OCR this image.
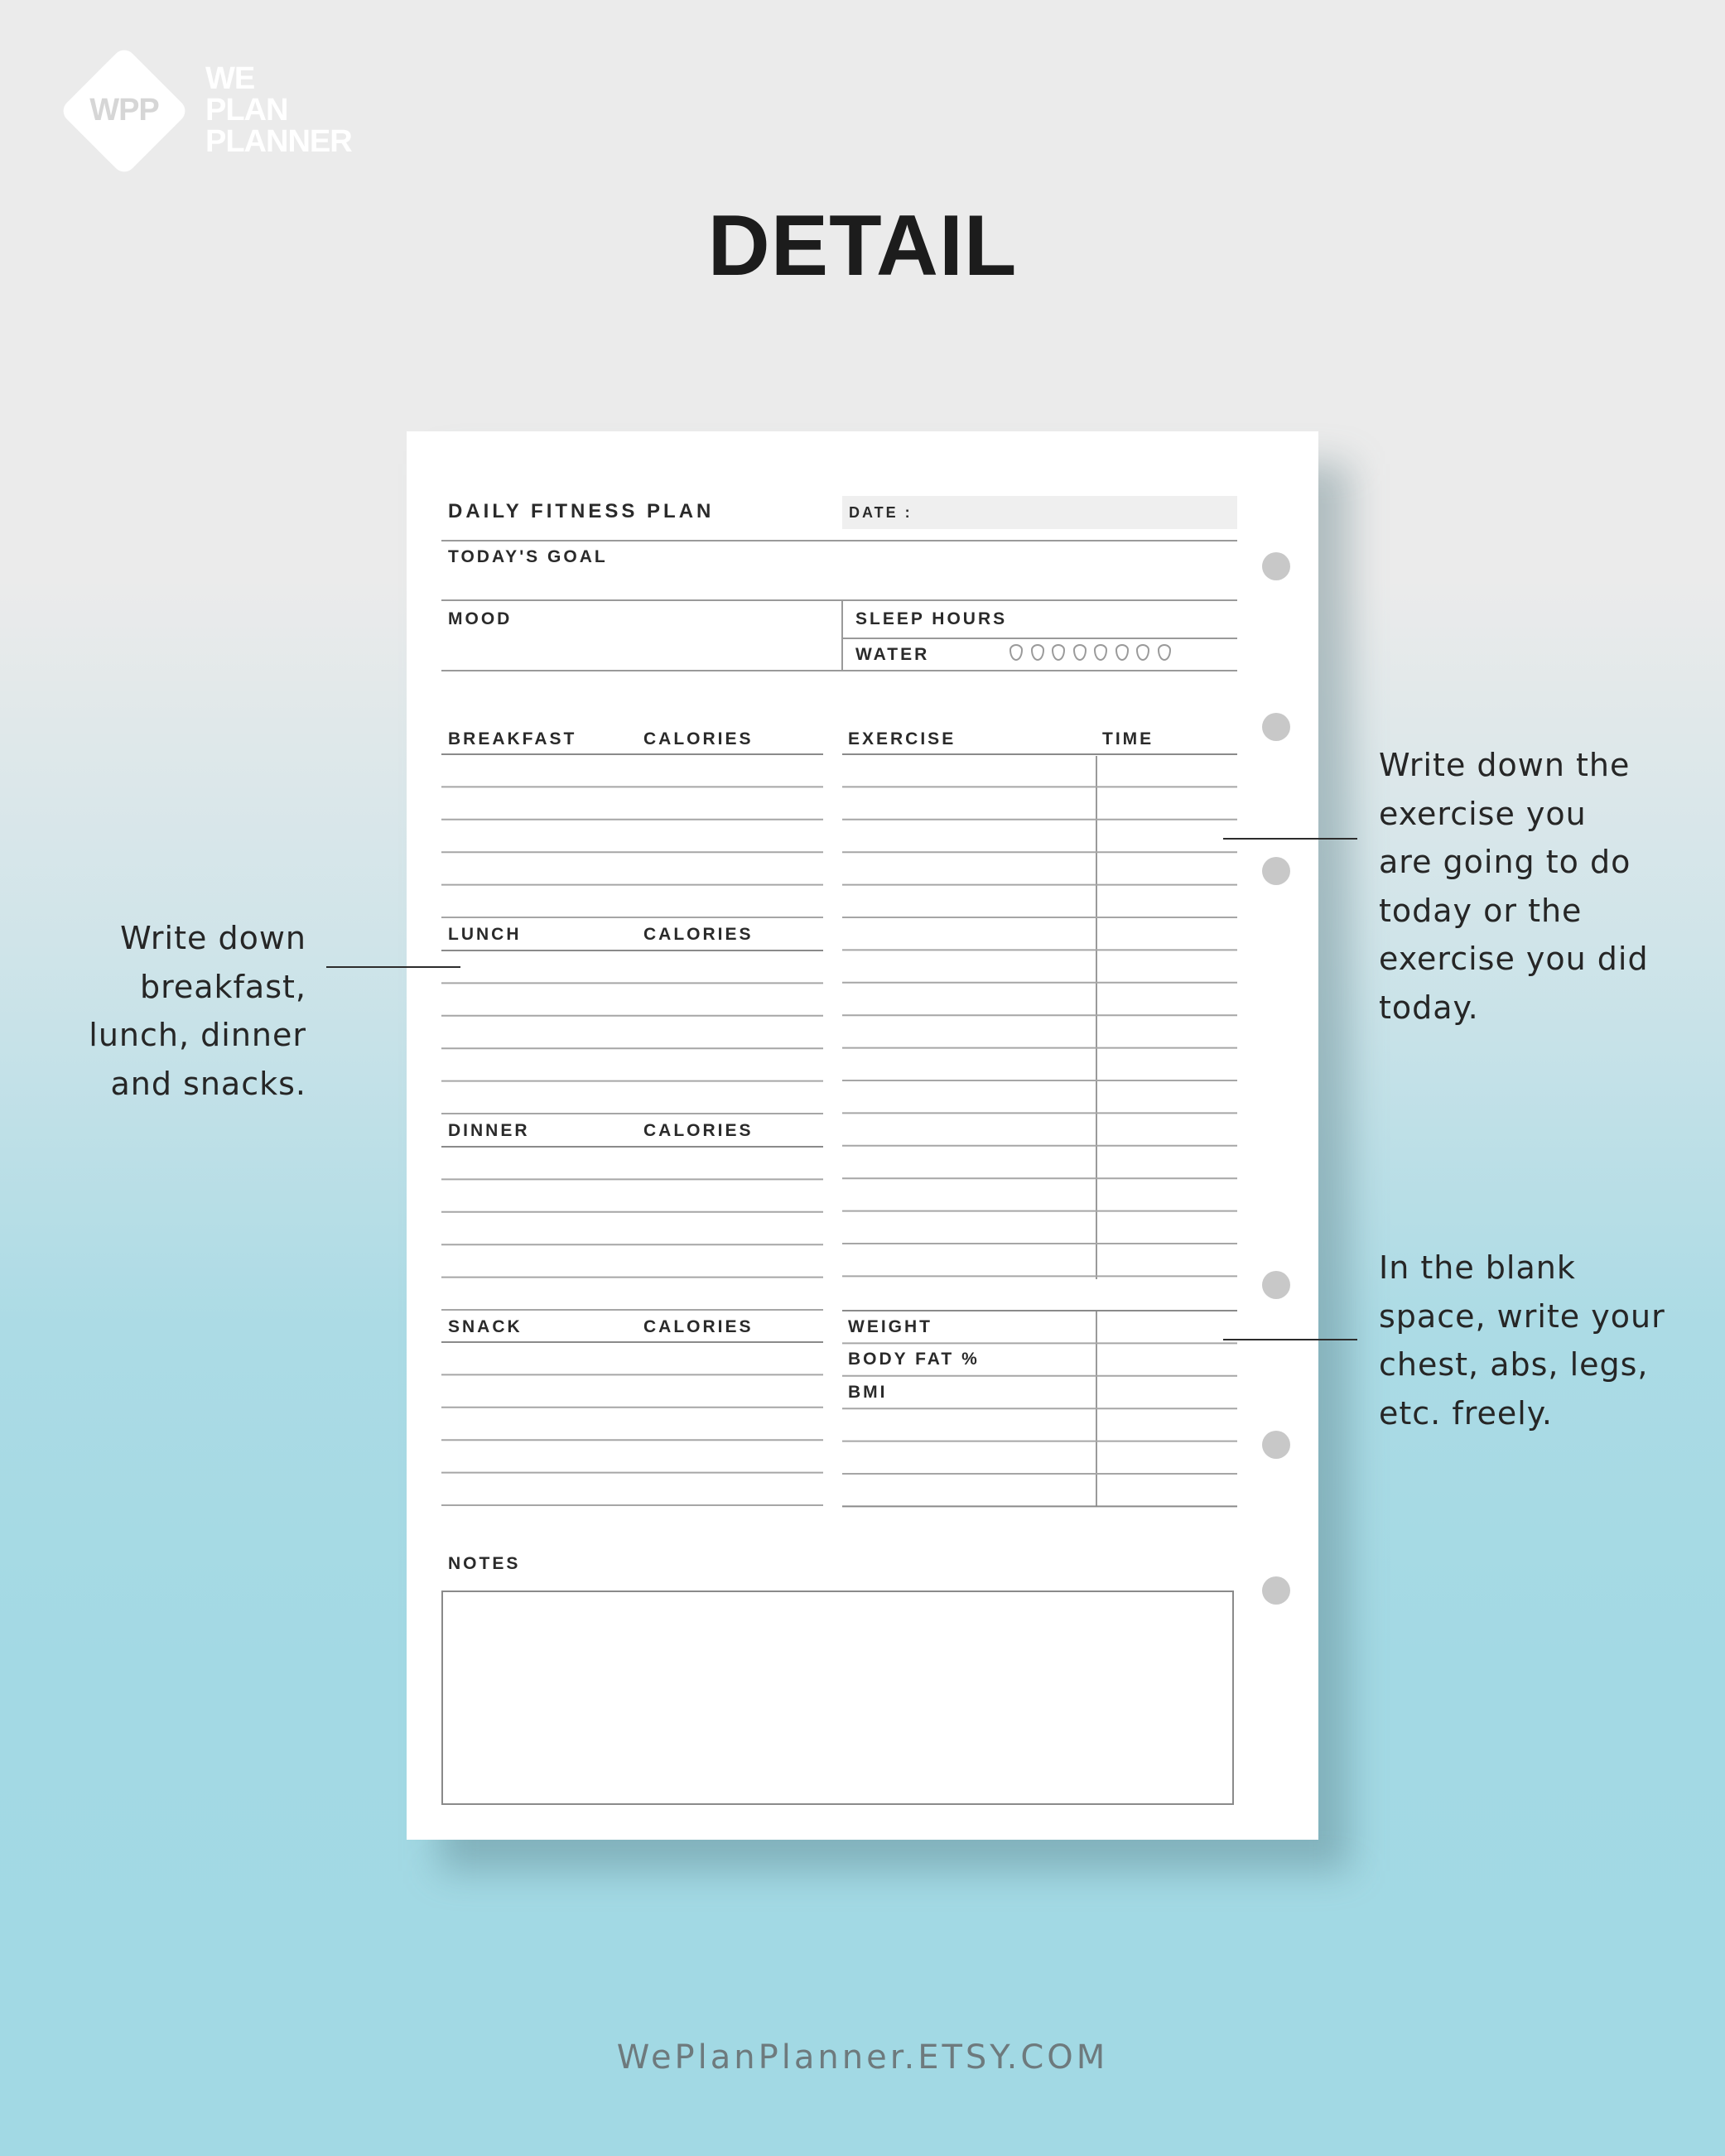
WPP
WE
PLAN
PLANNER
DETAIL
DAILY FITNESS PLAN	DATE :
TODAY'S GOAL
MOOD	SLEEP HOURS
WATER
BREAKFAST	CALORIES
LUNCH	CALORIES
DINNER	CALORIES
SNACK	CALORIES
EXERCISE	TIME
WEIGHT
BODY FAT %
BMI
NOTES
Write down
breakfast,
lunch, dinner
and snacks.
Write down the
exercise you
are going to do
today or the
exercise you did
today.
In the blank
space, write your
chest, abs, legs,
etc. freely.
WePlanPlanner.ETSY.COM
